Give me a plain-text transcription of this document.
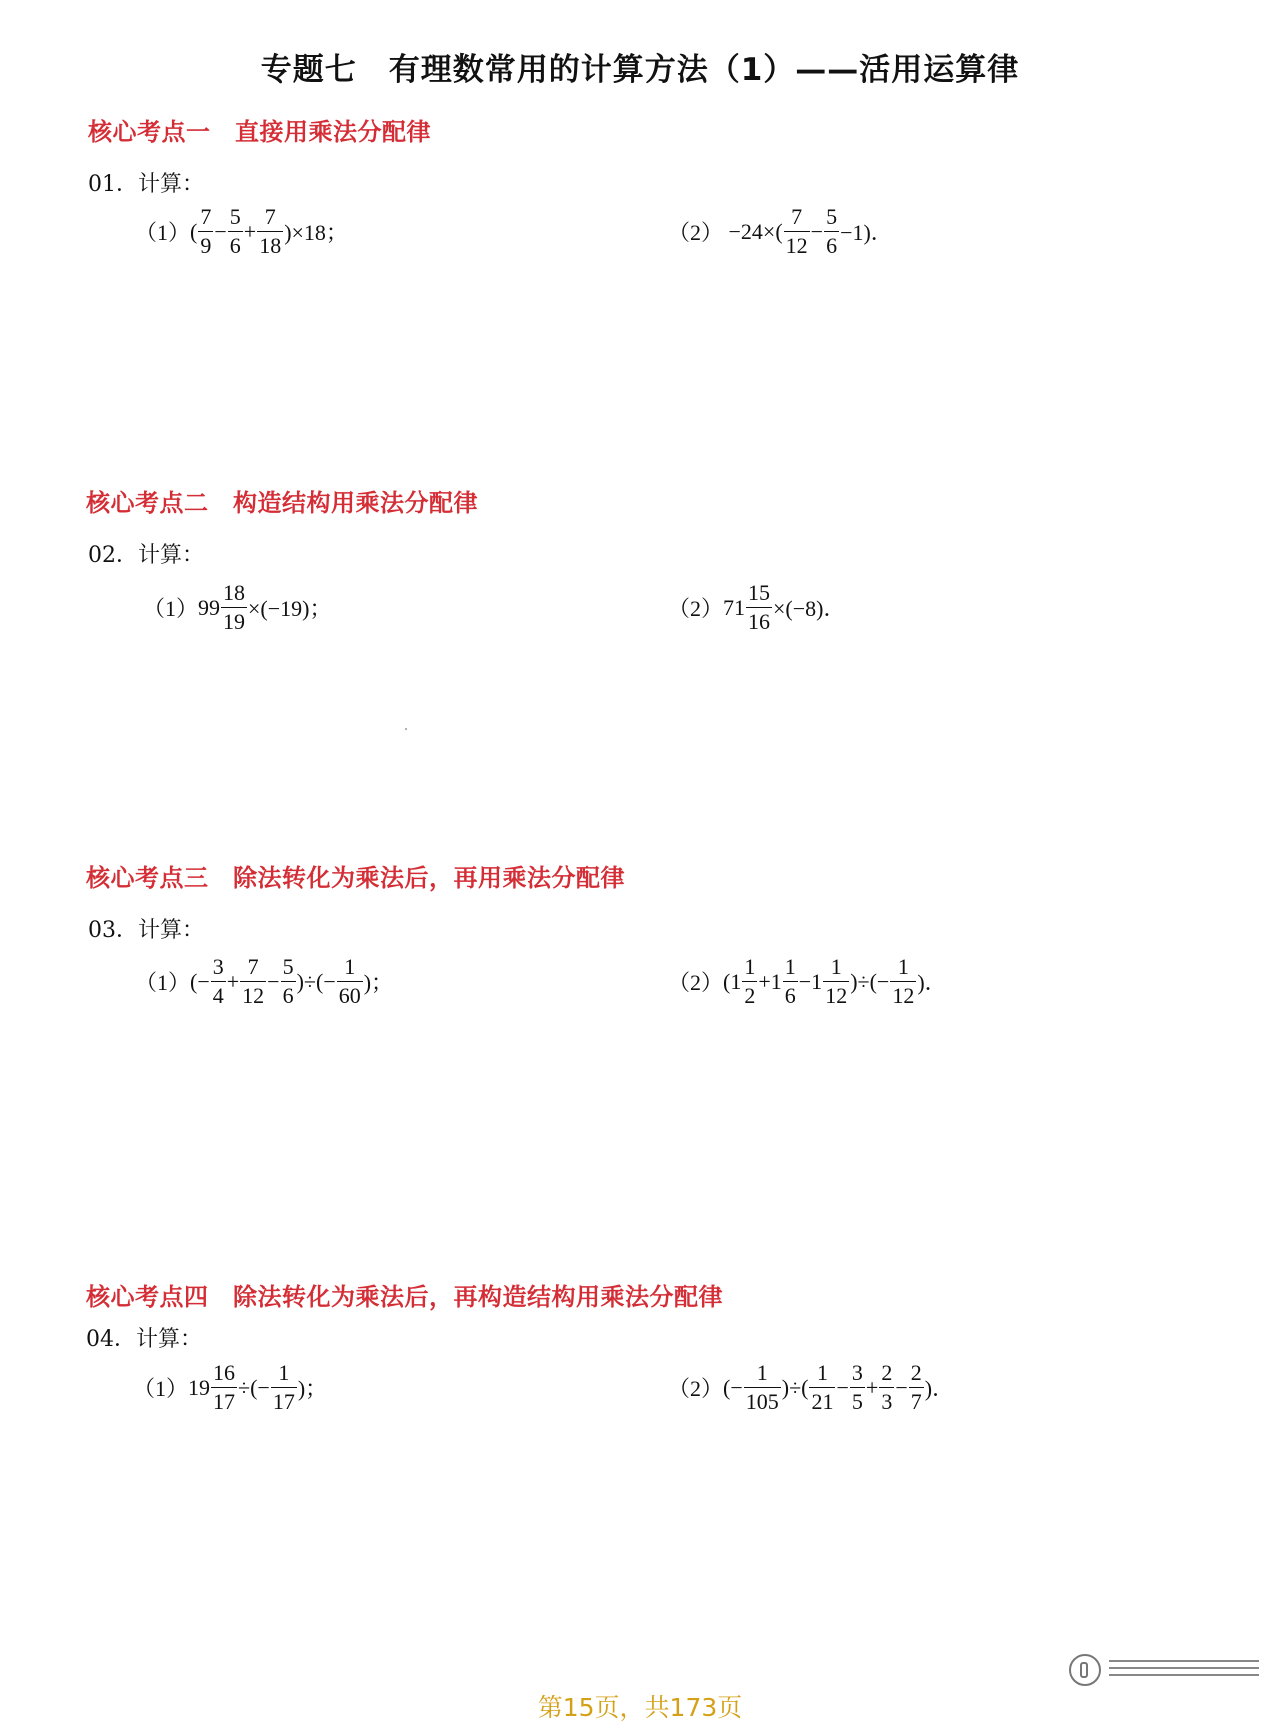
专题七　有理数常用的计算方法（1）——活用运算律
核心考点一　直接用乘法分配律
01．计算：
（1） ( $\frac{7}{9} - \frac{5}{6} + \frac{7}{18} )\times 18$；	$(2) -24\times( \frac{7}{12} - \frac{5}{6} -1)$．
核心考点二　构造结构用乘法分配律
02．计算：
（1） $99 \frac{18}{19} \times(-19)$；	（2） $71 \frac{15}{16} \times(-8)$．
核心考点三　除法转化为乘法后，再用乘法分配律
03．计算：
（1） (− $\frac{3}{4} + \frac{7}{12} - \frac{5}{6}$ )÷(− $\frac{1}{60}$ )；	（2） ($1 \frac{1}{2} +1 \frac{1}{6} -1 \frac{1}{12}$ )÷(− $\frac{1}{12}$ )．
核心考点四　除法转化为乘法后，再构造结构用乘法分配律
04．计算：
（1） $19 \frac{16}{17}$ ÷(− $\frac{1}{17}$ )；	（2） (− $\frac{1}{105}$ )÷( $\frac{1}{21} - \frac{3}{5} + \frac{2}{3} - \frac{2}{7}$ )．
第15页，共173页
